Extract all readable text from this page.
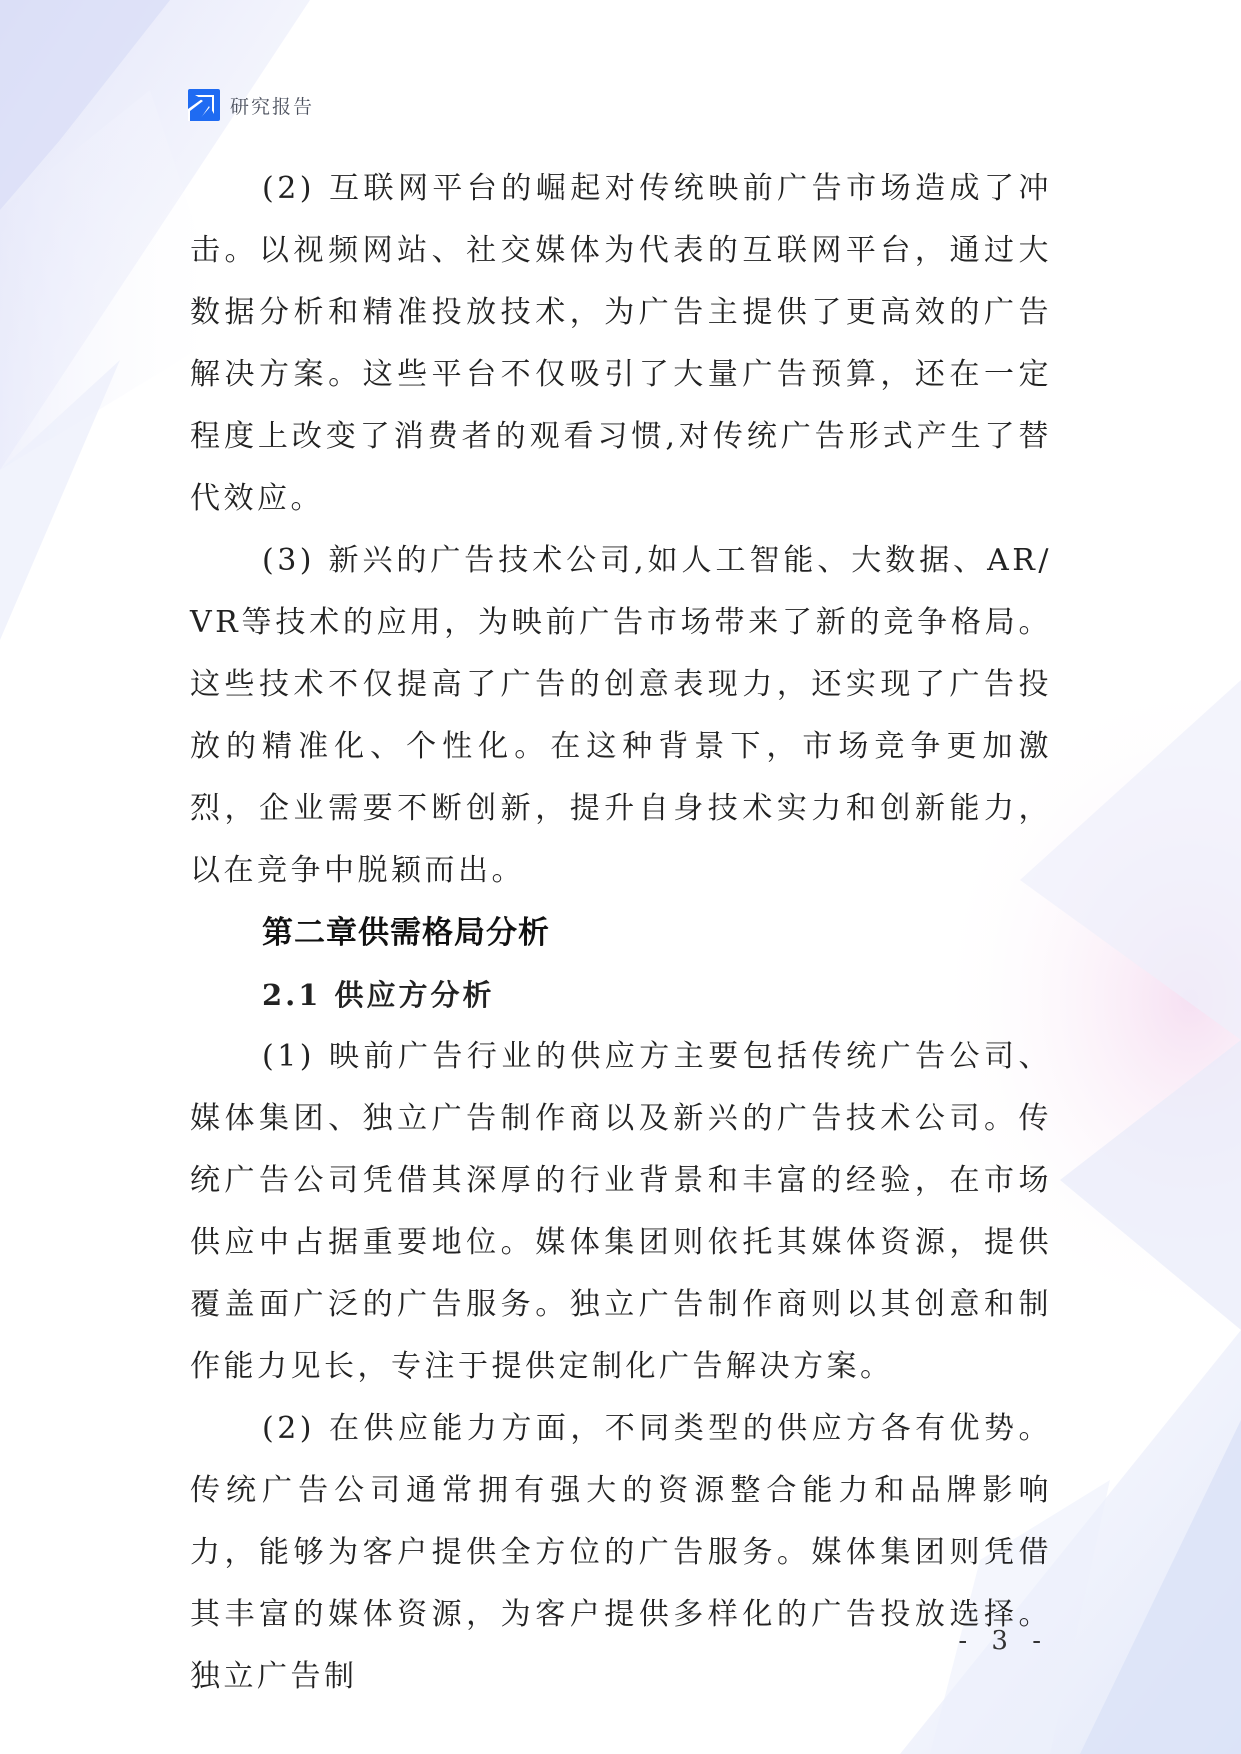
研究报告

(2) 互联网平台的崛起对传统映前广告市场造成了冲击。以视频网站、社交媒体为代表的互联网平台，通过大数据分析和精准投放技术，为广告主提供了更高效的广告解决方案。这些平台不仅吸引了大量广告预算，还在一定程度上改变了消费者的观看习惯,对传统广告形式产生了替代效应。

(3) 新兴的广告技术公司,如人工智能、大数据、AR/VR等技术的应用，为映前广告市场带来了新的竞争格局。这些技术不仅提高了广告的创意表现力，还实现了广告投放的精准化、个性化。在这种背景下，市场竞争更加激烈，企业需要不断创新，提升自身技术实力和创新能力，以在竞争中脱颖而出。

第二章供需格局分析
2.1 供应方分析

(1) 映前广告行业的供应方主要包括传统广告公司、媒体集团、独立广告制作商以及新兴的广告技术公司。传统广告公司凭借其深厚的行业背景和丰富的经验，在市场供应中占据重要地位。媒体集团则依托其媒体资源，提供覆盖面广泛的广告服务。独立广告制作商则以其创意和制作能力见长，专注于提供定制化广告解决方案。

(2) 在供应能力方面，不同类型的供应方各有优势。传统广告公司通常拥有强大的资源整合能力和品牌影响力，能够为客户提供全方位的广告服务。媒体集团则凭借其丰富的媒体资源，为客户提供多样化的广告投放选择。独立广告制

- 3 -
